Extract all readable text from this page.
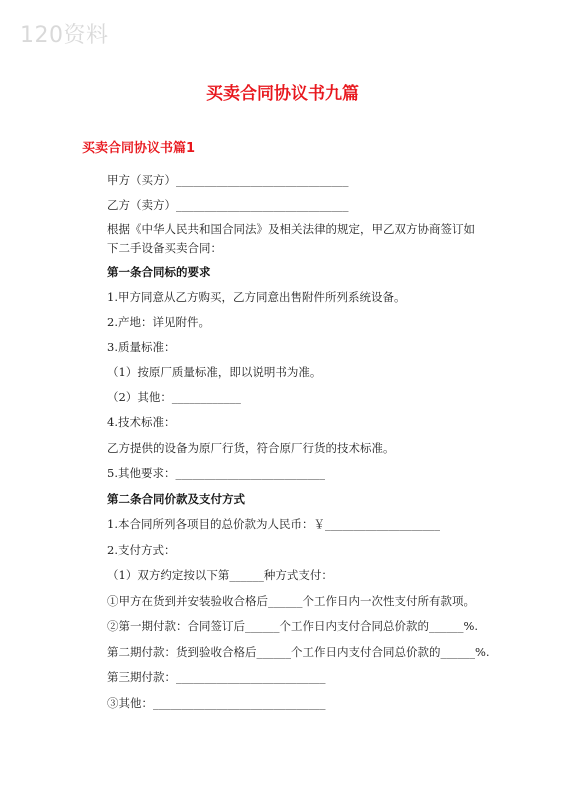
120资料
买卖合同协议书九篇
买卖合同协议书篇1
甲方（买方）______________________________
乙方（卖方）______________________________

根据《中华人民共和国合同法》及相关法律的规定，甲乙双方协商签订如下二手设备买卖合同：

第一条合同标的要求
1.甲方同意从乙方购买，乙方同意出售附件所列系统设备。
2.产地：详见附件。
3.质量标准：
（1）按原厂质量标准，即以说明书为准。
（2）其他：____________
4.技术标准：
乙方提供的设备为原厂行货，符合原厂行货的技术标准。
5.其他要求：__________________________
第二条合同价款及支付方式
1.本合同所列各项目的总价款为人民币：￥____________________
2.支付方式：
（1）双方约定按以下第______种方式支付：
①甲方在货到并安装验收合格后______个工作日内一次性支付所有款项。
②第一期付款：合同签订后______个工作日内支付合同总价款的______%.
第二期付款：货到验收合格后______个工作日内支付合同总价款的______%.
第三期付款：__________________________
③其他：______________________________
